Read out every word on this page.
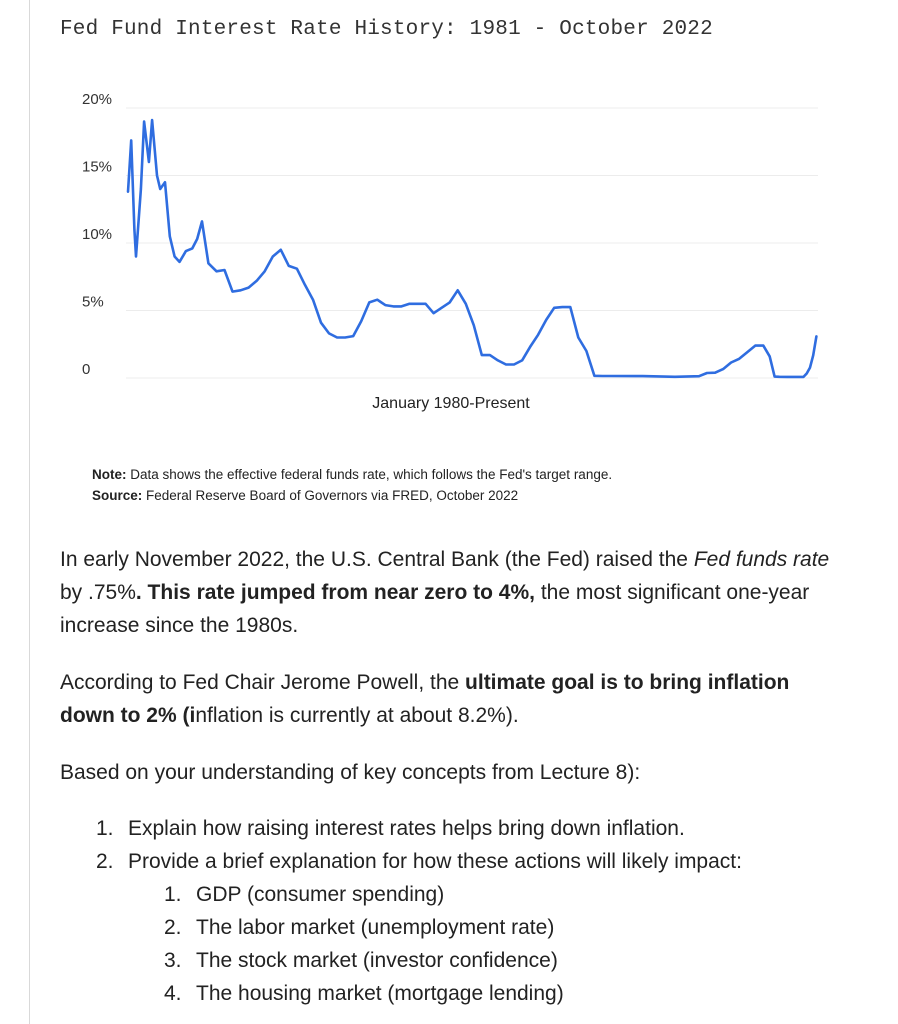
Fed Fund Interest Rate History: 1981 - October 2022
0
5%
10%
15%
20%
January 1980-Present
Note: Data shows the effective federal funds rate, which follows the Fed's target range.
Source: Federal Reserve Board of Governors via FRED, October 2022
In early November 2022, the U.S. Central Bank (the Fed) raised the Fed funds rate by .75%. This rate jumped from near zero to 4%, the most significant one-year increase since the 1980s.
According to Fed Chair Jerome Powell, the ultimate goal is to bring inflation down to 2% (inflation is currently at about 8.2%).
Based on your understanding of key concepts from Lecture 8):
1. Explain how raising interest rates helps bring down inflation.
2. Provide a brief explanation for how these actions will likely impact:
1. GDP (consumer spending)
2. The labor market (unemployment rate)
3. The stock market (investor confidence)
4. The housing market (mortgage lending)
